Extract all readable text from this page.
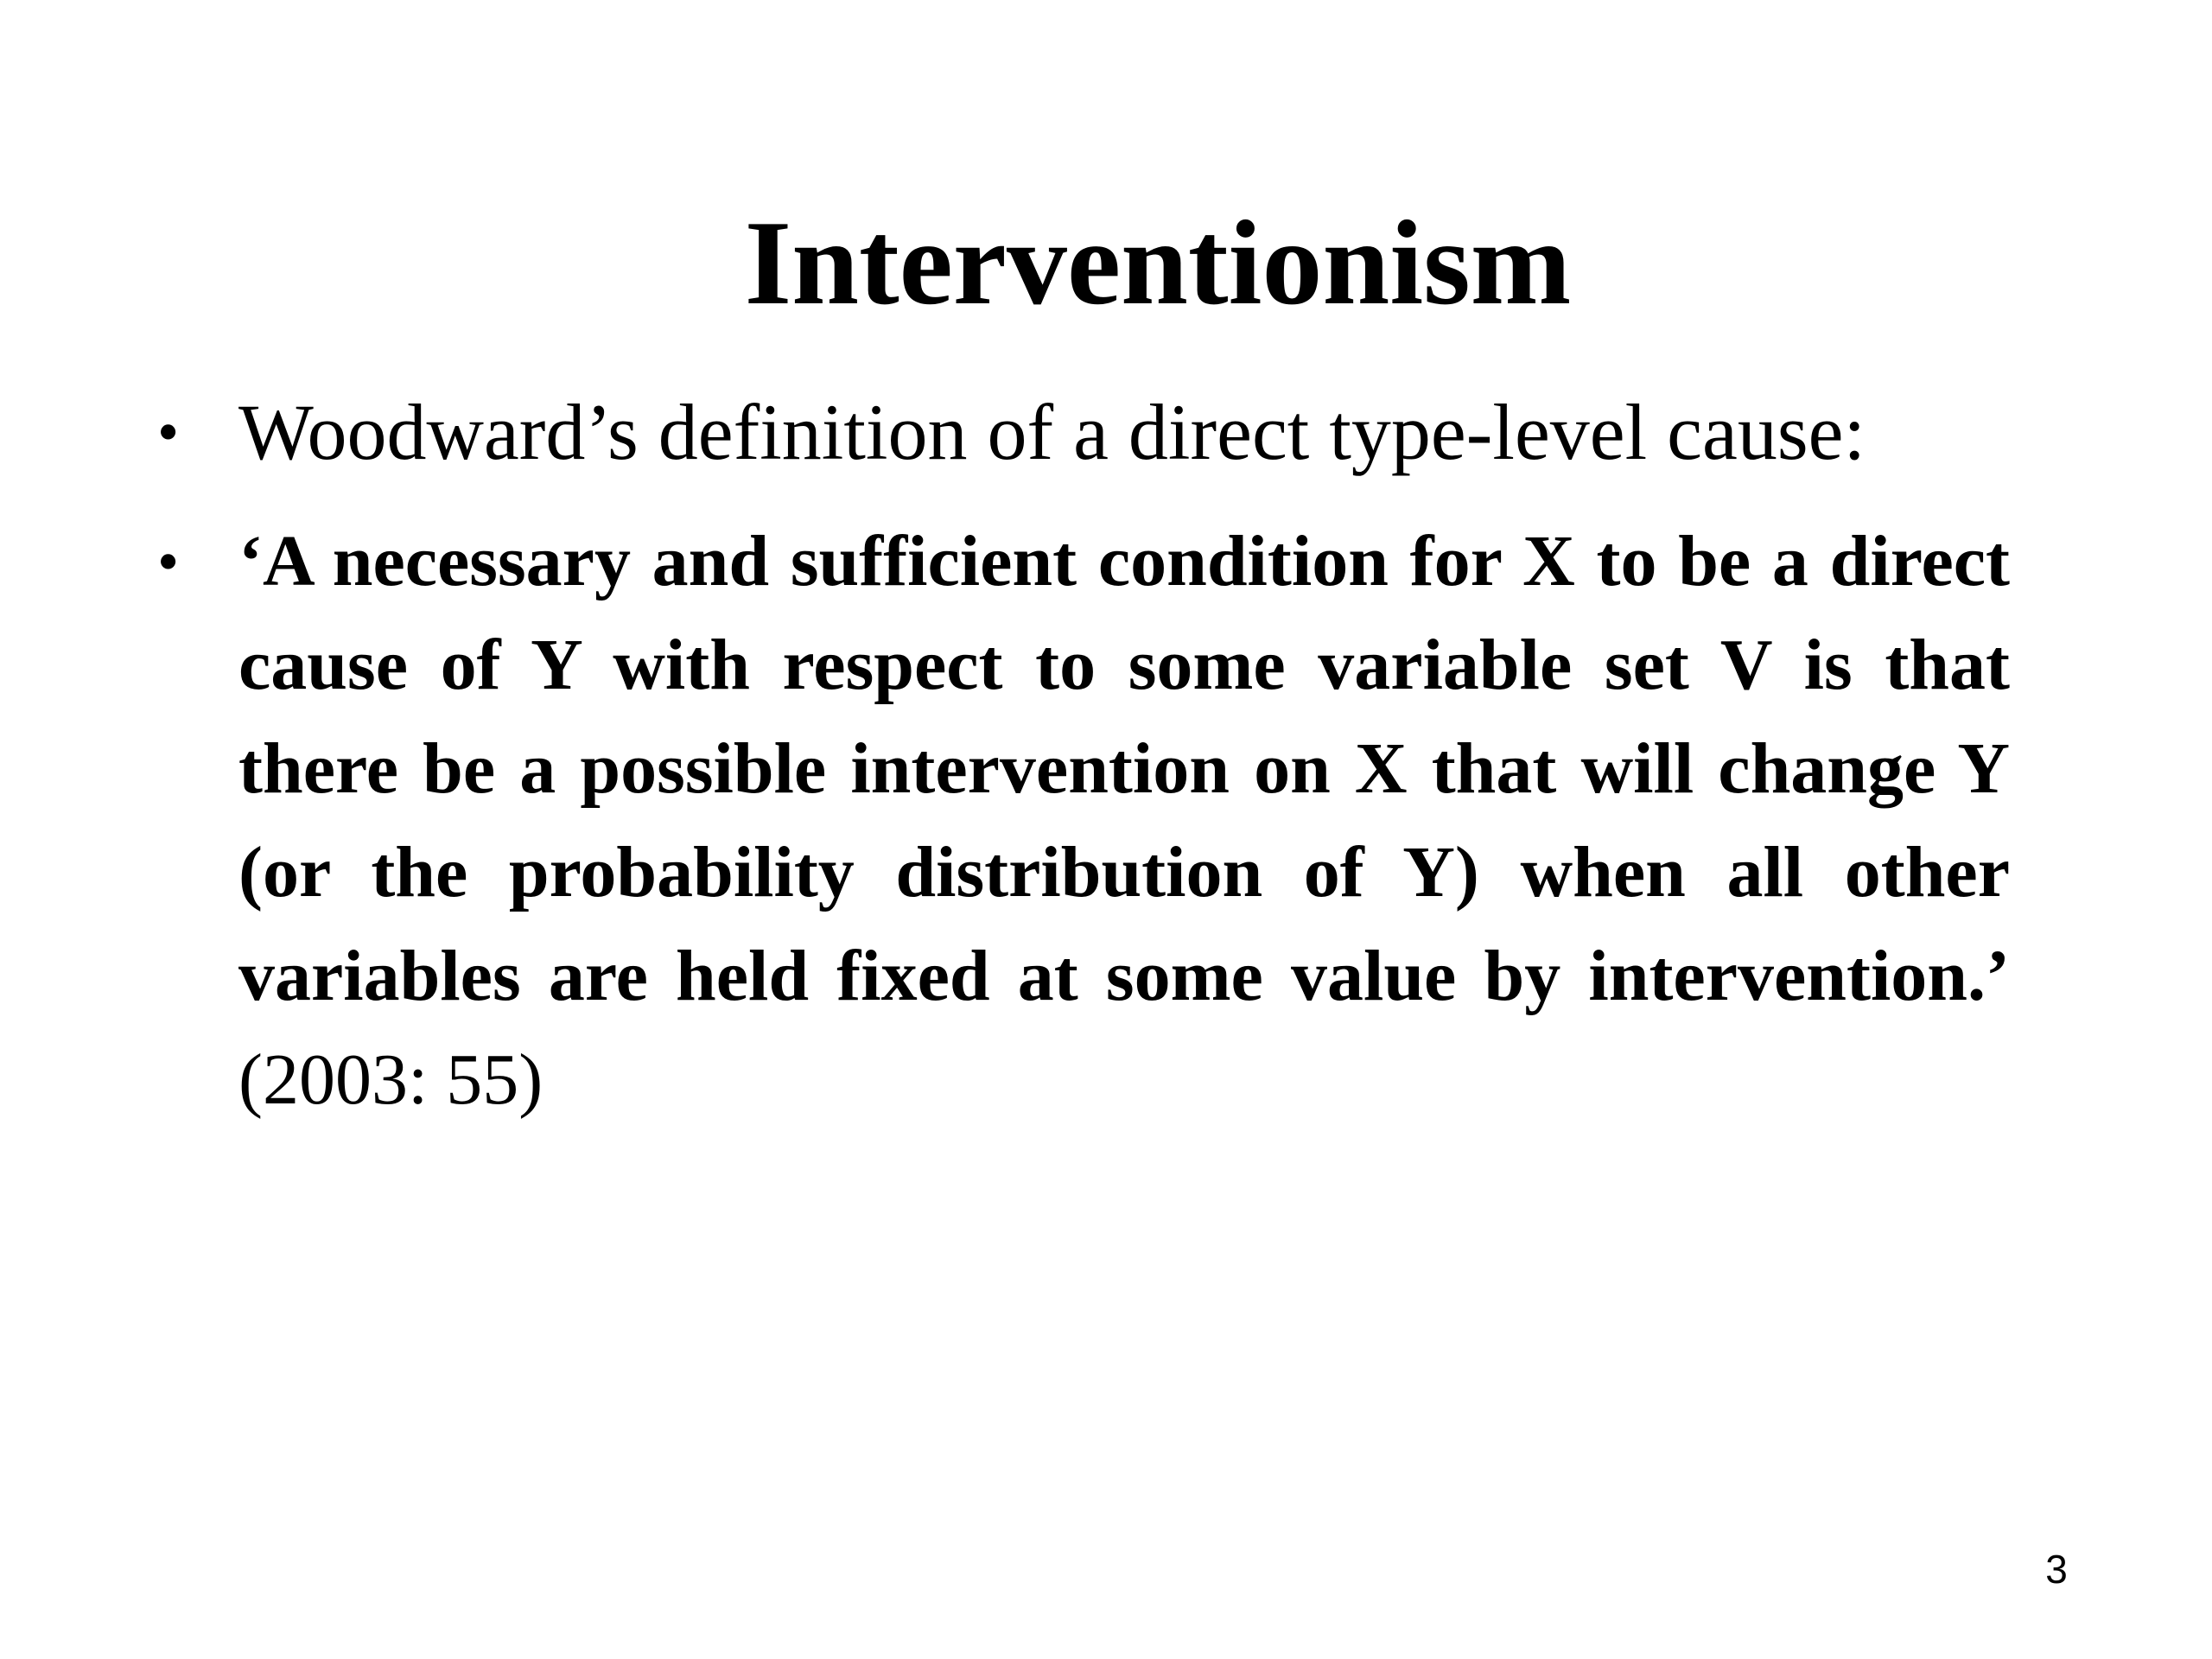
Interventionism
• Woodward’s definition of a direct type-level cause:
• ‘A necessary and sufficient condition for X to be a direct cause of Y with respect to some variable set V is that there be a possible intervention on X that will change Y (or the probability distribution of Y) when all other variables are held fixed at some value by intervention.’ (2003: 55)
3
